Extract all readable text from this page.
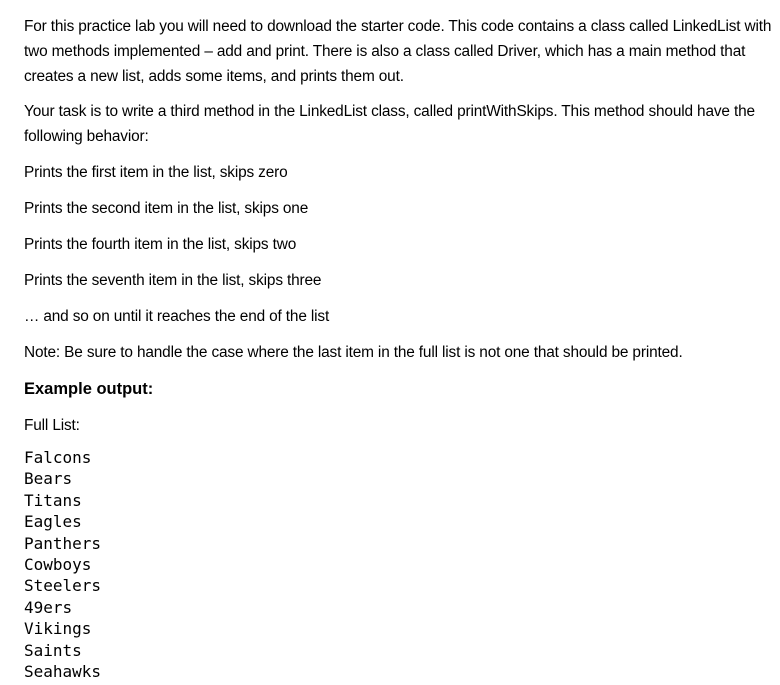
For this practice lab you will need to download the starter code. This code contains a class called LinkedList with two methods implemented – add and print. There is also a class called Driver, which has a main method that creates a new list, adds some items, and prints them out.

Your task is to write a third method in the LinkedList class, called printWithSkips. This method should have the following behavior:

Prints the first item in the list, skips zero

Prints the second item in the list, skips one

Prints the fourth item in the list, skips two

Prints the seventh item in the list, skips three

… and so on until it reaches the end of the list

Note: Be sure to handle the case where the last item in the full list is not one that should be printed.

Example output:

Full List:

Falcons
Bears
Titans
Eagles
Panthers
Cowboys
Steelers
49ers
Vikings
Saints
Seahawks
